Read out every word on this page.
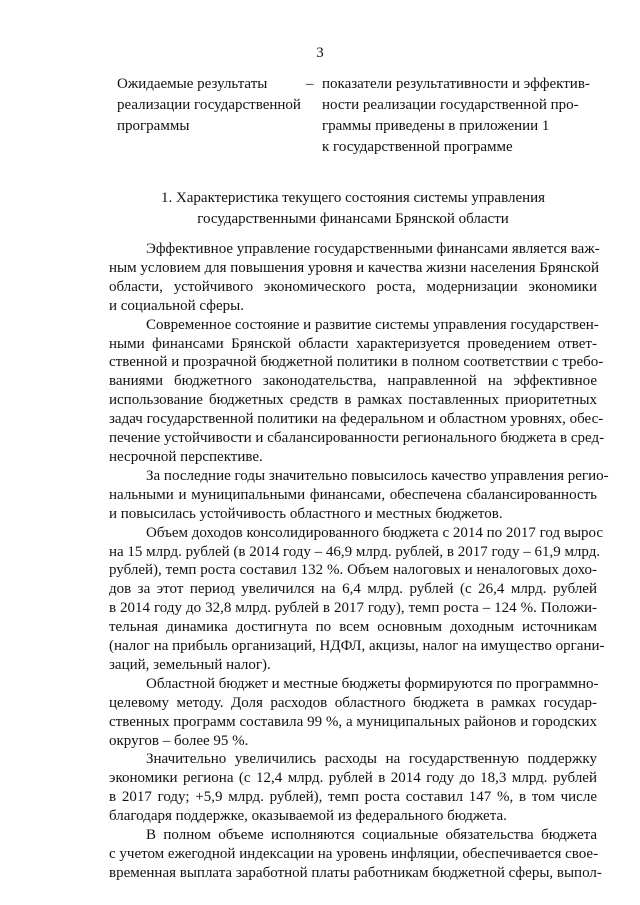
3
Ожидаемые результаты
реализации государственной
программы
– показатели результативности и эффектив-
ности реализации государственной про-
граммы приведены в приложении 1
к государственной программе
1. Характеристика текущего состояния системы управления
государственными финансами Брянской области
Эффективное управление государственными финансами является важ-
ным условием для повышения уровня и качества жизни населения Брянской
области, устойчивого экономического роста, модернизации экономики
и социальной сферы.
Современное состояние и развитие системы управления государствен-
ными финансами Брянской области характеризуется проведением ответ-
ственной и прозрачной бюджетной политики в полном соответствии с требо-
ваниями бюджетного законодательства, направленной на эффективное
использование бюджетных средств в рамках поставленных приоритетных
задач государственной политики на федеральном и областном уровнях, обес-
печение устойчивости и сбалансированности регионального бюджета в сред-
несрочной перспективе.
За последние годы значительно повысилось качество управления регио-
нальными и муниципальными финансами, обеспечена сбалансированность
и повысилась устойчивость областного и местных бюджетов.
Объем доходов консолидированного бюджета с 2014 по 2017 год вырос
на 15 млрд. рублей (в 2014 году – 46,9 млрд. рублей, в 2017 году – 61,9 млрд.
рублей), темп роста составил 132 %. Объем налоговых и неналоговых дохо-
дов за этот период увеличился на 6,4 млрд. рублей (с 26,4 млрд. рублей
в 2014 году до 32,8 млрд. рублей в 2017 году), темп роста – 124 %. Положи-
тельная динамика достигнута по всем основным доходным источникам
(налог на прибыль организаций, НДФЛ, акцизы, налог на имущество органи-
заций, земельный налог).
Областной бюджет и местные бюджеты формируются по программно-
целевому методу. Доля расходов областного бюджета в рамках государ-
ственных программ составила 99 %, а муниципальных районов и городских
округов – более 95 %.
Значительно увеличились расходы на государственную поддержку
экономики региона (с 12,4 млрд. рублей в 2014 году до 18,3 млрд. рублей
в 2017 году; +5,9 млрд. рублей), темп роста составил 147 %, в том числе
благодаря поддержке, оказываемой из федерального бюджета.
В полном объеме исполняются социальные обязательства бюджета
с учетом ежегодной индексации на уровень инфляции, обеспечивается свое-
временная выплата заработной платы работникам бюджетной сферы, выпол-
